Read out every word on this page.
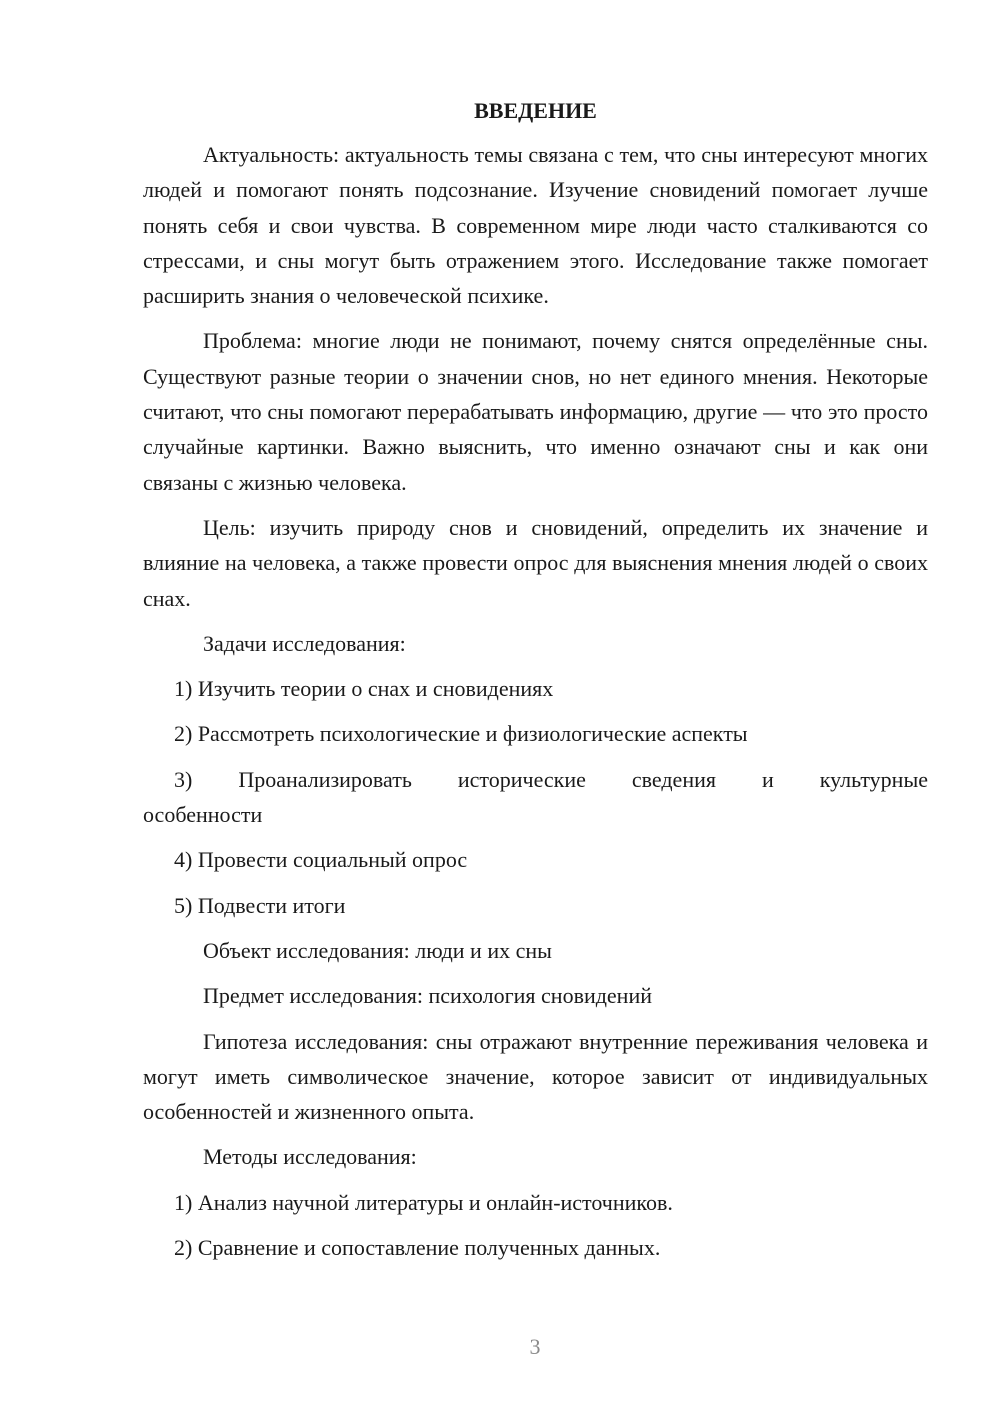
ВВЕДЕНИЕ
Актуальность: актуальность темы связана с тем, что сны интересуют многих людей и помогают понять подсознание. Изучение сновидений помогает лучше понять себя и свои чувства. В современном мире люди часто сталкиваются со стрессами, и сны могут быть отражением этого. Исследование также помогает расширить знания о человеческой психике.
Проблема: многие люди не понимают, почему снятся определённые сны. Существуют разные теории о значении снов, но нет единого мнения. Некоторые считают, что сны помогают перерабатывать информацию, другие — что это просто случайные картинки. Важно выяснить, что именно означают сны и как они связаны с жизнью человека.
Цель: изучить природу снов и сновидений, определить их значение и влияние на человека, а также провести опрос для выяснения мнения людей о своих снах.
Задачи исследования:
1) Изучить теории о снах и сновидениях
2) Рассмотреть психологические и физиологические аспекты
3) Проанализировать исторические сведения и культурные
особенности
4) Провести социальный опрос
5) Подвести итоги
Объект исследования: люди и их сны
Предмет исследования: психология сновидений
Гипотеза исследования: сны отражают внутренние переживания человека и могут иметь символическое значение, которое зависит от индивидуальных особенностей и жизненного опыта.
Методы исследования:
1) Анализ научной литературы и онлайн-источников.
2) Сравнение и сопоставление полученных данных.
3
